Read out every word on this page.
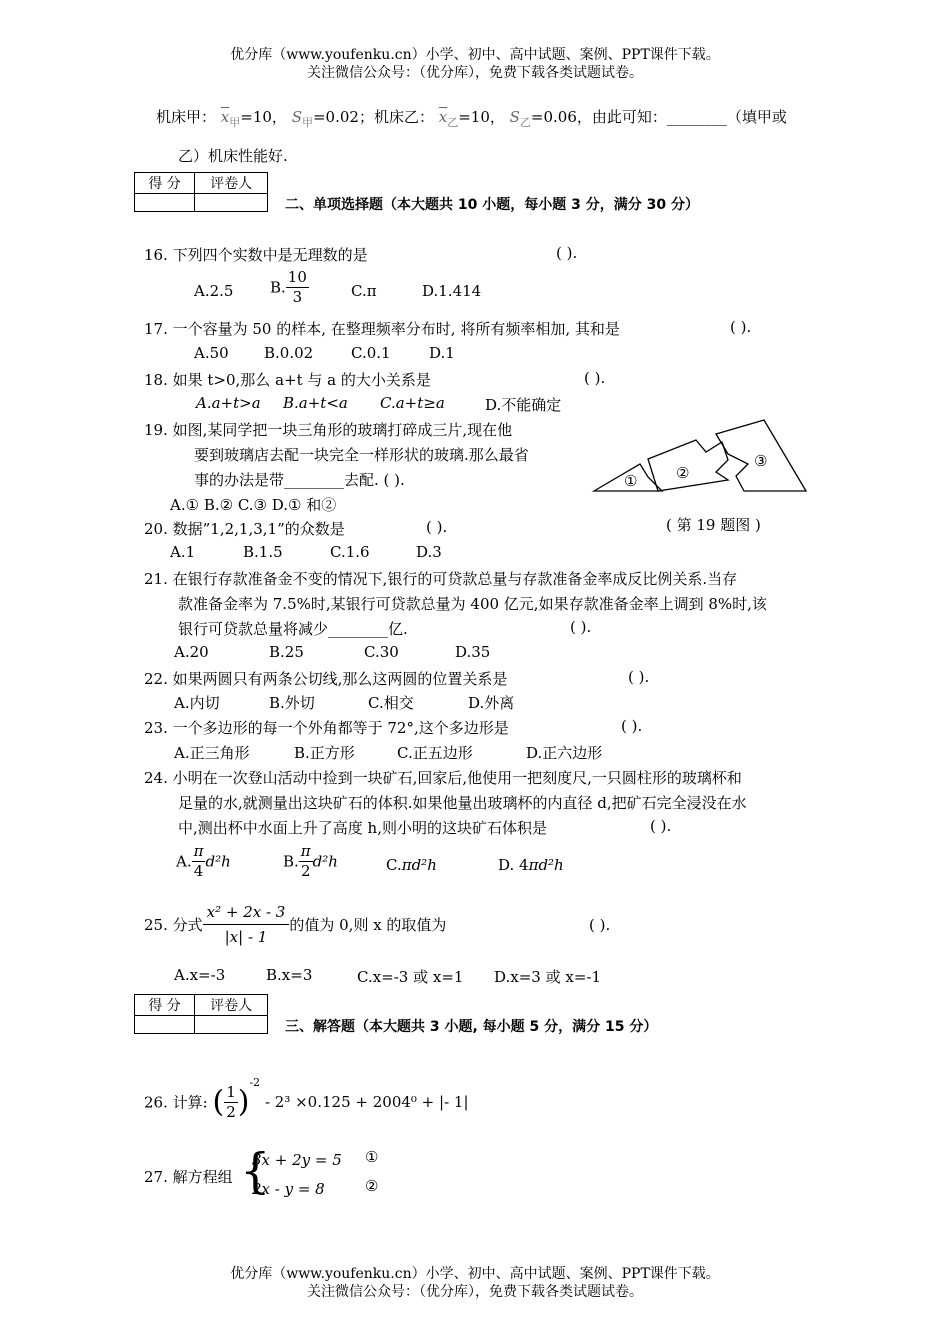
优分库（www.youfenku.cn）小学、初中、高中试题、案例、PPT课件下载。
关注微信公众号：（优分库），免费下载各类试题试卷。
机床甲： $\overline{x}_甲=10$， $S_甲=0.02$；机床乙： $\overline{x}_乙=10$， $S_乙=0.06$，由此可知：________（填甲或
乙）机床性能好.
得 分	评卷人

二、单项选择题（本大题共 10 小题，每小题 3 分，满分 30 分）
16. 下列四个实数中是无理数的是	( ).
A.2.5 B. $\frac{10}{3}$	C.π	D.1.414
17. 一个容量为 50 的样本, 在整理频率分布时, 将所有频率相加, 其和是	( ).
A.50 B.0.02	C.0.1	D.1
18. 如果 t>0,那么 a+t 与 a 的大小关系是	( ).
A.a+t>a B.a+t<a C.a+t≥a	D.不能确定
19. 如图,某同学把一块三角形的玻璃打碎成三片,现在他
要到玻璃店去配一块完全一样形状的玻璃.那么最省
事的办法是带________去配. ( ).
A.① B.② C.③ D.① 和②
①	②
③
( 第 19 题图 )
20. 数据”1,2,1,3,1”的众数是	( ).
A.1	B.1.5	C.1.6	D.3
21. 在银行存款准备金不变的情况下,银行的可贷款总量与存款准备金率成反比例关系.当存
款准备金率为 7.5%时,某银行可贷款总量为 400 亿元,如果存款准备金率上调到 8%时,该
银行可贷款总量将减少________亿.	( ).
A.20	B.25	C.30	D.35
22. 如果两圆只有两条公切线,那么这两圆的位置关系是	( ).
A.内切	B.外切	C.相交	D.外离
23. 一个多边形的每一个外角都等于 72°,这个多边形是	( ).
A.正三角形	B.正方形	C.正五边形	D.正六边形
24. 小明在一次登山活动中捡到一块矿石,回家后,他使用一把刻度尺,一只圆柱形的玻璃杯和
足量的水,就测量出这块矿石的体积.如果他量出玻璃杯的内直径 d,把矿石完全浸没在水
中,测出杯中水面上升了高度 h,则小明的这块矿石体积是	( ).
A. $\frac{\pi}{4} d^2h$	B. $\frac{\pi}{2} d^2h$	C.πd²h	D. 4πd²h
25. 分式 $\frac{\text{x² + 2x - 3}}{|x| - 1}$ 的值为 0,则 x 的取值为	( ).
A.x=-3	B.x=3	C.x=-3 或 x=1 D.x=3 或 x=-1
得 分	评卷人

三、解答题（本大题共 3 小题, 每小题 5 分，满分 15 分）
26. 计算: ( $\frac{1}{2} )^{-2} - 2^3 \times 0.125 + 2004^0$ + |- 1|
27. 解方程组 {
3x + 2y = 5 ①
2x - y = 8	②
优分库（www.youfenku.cn）小学、初中、高中试题、案例、PPT课件下载。
关注微信公众号：（优分库），免费下载各类试题试卷。
